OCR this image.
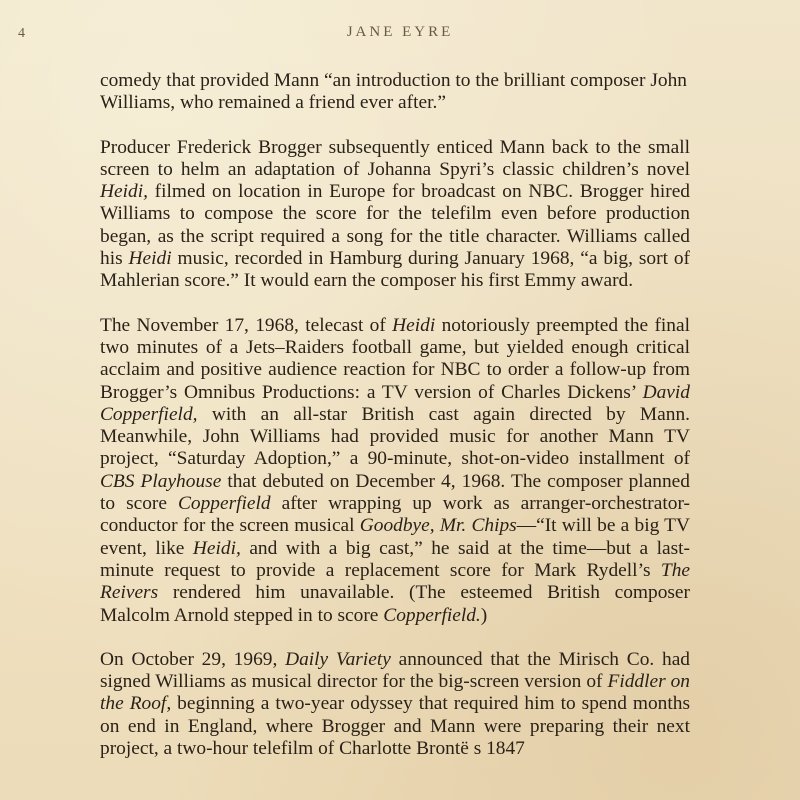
4	JANE EYRE

comedy that provided Mann “an introduction to the brilliant composer John Williams, who remained a friend ever after.”

Producer Frederick Brogger subsequently enticed Mann back to the small screen to helm an adaptation of Johanna Spyri’s classic children’s novel Heidi, filmed on location in Europe for broadcast on NBC. Brogger hired Williams to compose the score for the telefilm even before production began, as the script required a song for the title character. Williams called his Heidi music, recorded in Hamburg during January 1968, “a big, sort of Mahlerian score.” It would earn the composer his first Emmy award.

The November 17, 1968, telecast of Heidi notoriously preempted the final two minutes of a Jets–Raiders football game, but yielded enough critical acclaim and positive audience reaction for NBC to order a follow-up from Brogger’s Omnibus Productions: a TV version of Charles Dickens’ David Copperfield, with an all-star British cast again directed by Mann. Meanwhile, John Williams had provided music for another Mann TV project, “Saturday Adoption,” a 90-minute, shot-on-video installment of CBS Playhouse that debuted on December 4, 1968. The composer planned to score Copperfield after wrapping up work as arranger-orchestrator-conductor for the screen musical Goodbye, Mr. Chips—“It will be a big TV event, like Heidi, and with a big cast,” he said at the time—but a last-minute request to provide a replacement score for Mark Rydell’s The Reivers rendered him unavailable. (The esteemed British composer Malcolm Arnold stepped in to score Copperfield.)

On October 29, 1969, Daily Variety announced that the Mirisch Co. had signed Williams as musical director for the big-screen version of Fiddler on the Roof, beginning a two-year odyssey that required him to spend months on end in England, where Brogger and Mann were preparing their next project, a two-hour telefilm of Charlotte Brontë s 1847
